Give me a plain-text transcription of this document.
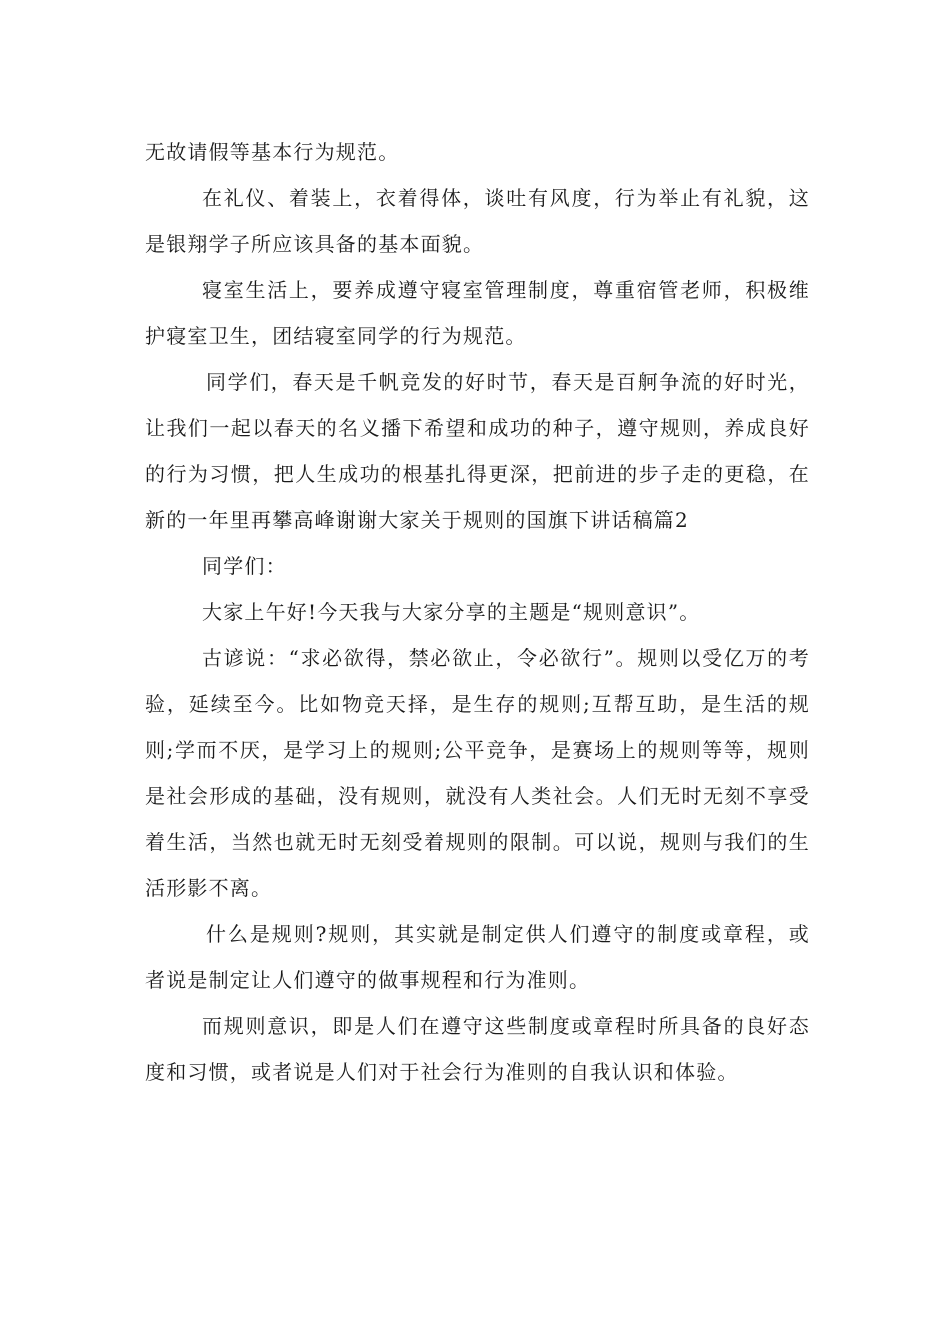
无故请假等基本行为规范。

在礼仪、着装上，衣着得体，谈吐有风度，行为举止有礼貌，这是银翔学子所应该具备的基本面貌。

寝室生活上，要养成遵守寝室管理制度，尊重宿管老师，积极维护寝室卫生，团结寝室同学的行为规范。

同学们，春天是千帆竞发的好时节，春天是百舸争流的好时光，让我们一起以春天的名义播下希望和成功的种子，遵守规则，养成良好的行为习惯，把人生成功的根基扎得更深，把前进的步子走的更稳，在新的一年里再攀高峰谢谢大家关于规则的国旗下讲话稿篇2

同学们：

大家上午好!今天我与大家分享的主题是“规则意识”。

古谚说：“求必欲得，禁必欲止，令必欲行”。规则以受亿万的考验，延续至今。比如物竞天择，是生存的规则;互帮互助，是生活的规则;学而不厌，是学习上的规则;公平竞争，是赛场上的规则等等，规则是社会形成的基础，没有规则，就没有人类社会。人们无时无刻不享受着生活，当然也就无时无刻受着规则的限制。可以说，规则与我们的生活形影不离。

什么是规则?规则，其实就是制定供人们遵守的制度或章程，或者说是制定让人们遵守的做事规程和行为准则。

而规则意识，即是人们在遵守这些制度或章程时所具备的良好态度和习惯，或者说是人们对于社会行为准则的自我认识和体验。
